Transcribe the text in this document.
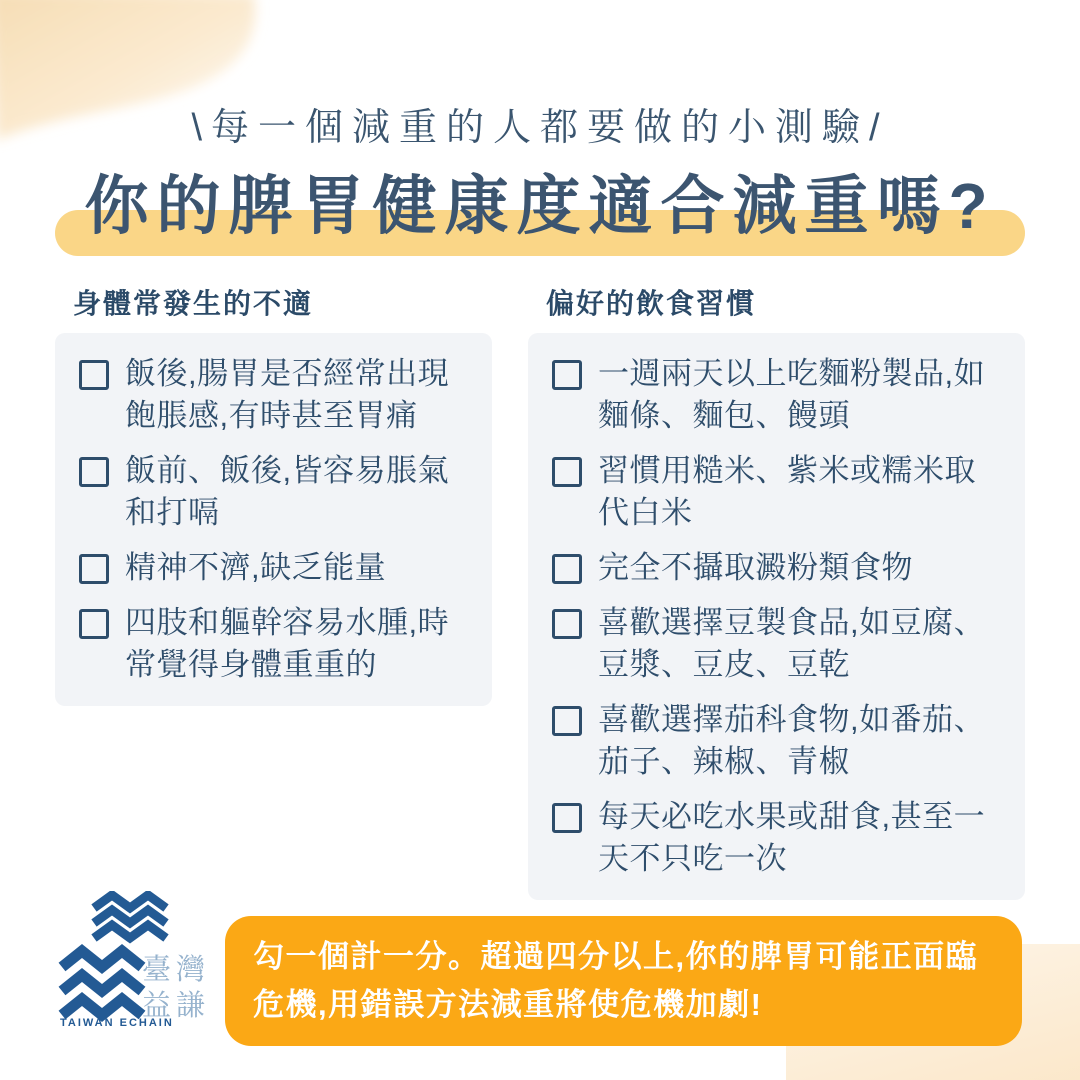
\每一個減重的人都要做的小測驗/
你的脾胃健康度適合減重嗎?
身體常發生的不適
飯後,腸胃是否經常出現飽脹感,有時甚至胃痛
飯前、飯後,皆容易脹氣和打嗝
精神不濟,缺乏能量
四肢和軀幹容易水腫,時常覺得身體重重的
偏好的飲食習慣
一週兩天以上吃麵粉製品,如麵條、麵包、饅頭
習慣用糙米、紫米或糯米取代白米
完全不攝取澱粉類食物
喜歡選擇豆製食品,如豆腐、豆漿、豆皮、豆乾
喜歡選擇茄科食物,如番茄、茄子、辣椒、青椒
每天必吃水果或甜食,甚至一天不只吃一次
TAIWAN ECHAIN
臺灣
益謙
勾一個計一分。超過四分以上,你的脾胃可能正面臨危機,用錯誤方法減重將使危機加劇!
